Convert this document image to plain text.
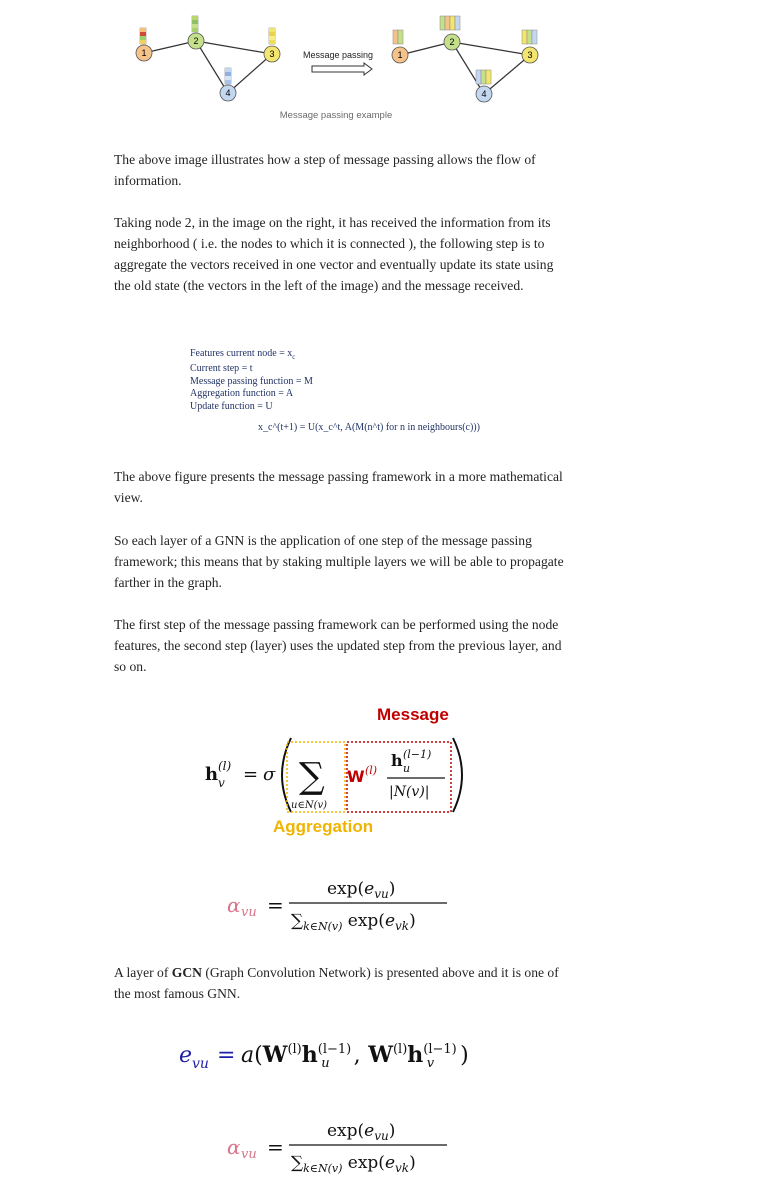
1
2
3
4
Message passing	1
2
3
4
Message passing example

The above image illustrates how a step of message passing allows the flow of information.

Taking node 2, in the image on the right, it has received the information from its neighborhood ( i.e. the nodes to which it is connected ), the following step is to aggregate the vectors received in one vector and eventually update its state using the old state (the vectors in the left of the image) and the message received.

Features current node = $x_c$
Current step = t
Message passing function = M
Aggregation function = A
Update function = U
x_c^(t+1) = U(x_c^t, A(M(n^t) for n in neighbours(c)))

The above figure presents the message passing framework in a more mathematical view.

So each layer of a GNN is the application of one step of the message passing framework; this means that by staking multiple layers we will be able to propagate farther in the graph.

The first step of the message passing framework can be performed using the node features, the second step (layer) uses the updated step from the previous layer, and so on.

Message
h (l)
v = σ ∑
u∈N(v)
W (l)
h (l−1)
u
|N(v)|
Aggregation
α vu =
$\exp(e_{vu})$
$\sum_{k\in N(v)}$ $\exp(e_{vk})$

A layer of GCN (Graph Convolution Network) is presented above and it is one of the most famous GNN.

e vu = $a(W^{(l)}h^{(l-1)}$ u , $W^{(l)}h^{(l-1)}$ v )
α vu =
$\exp(e_{vu})$
$\sum_{k\in N(v)}$ $\exp(e_{vk})$
